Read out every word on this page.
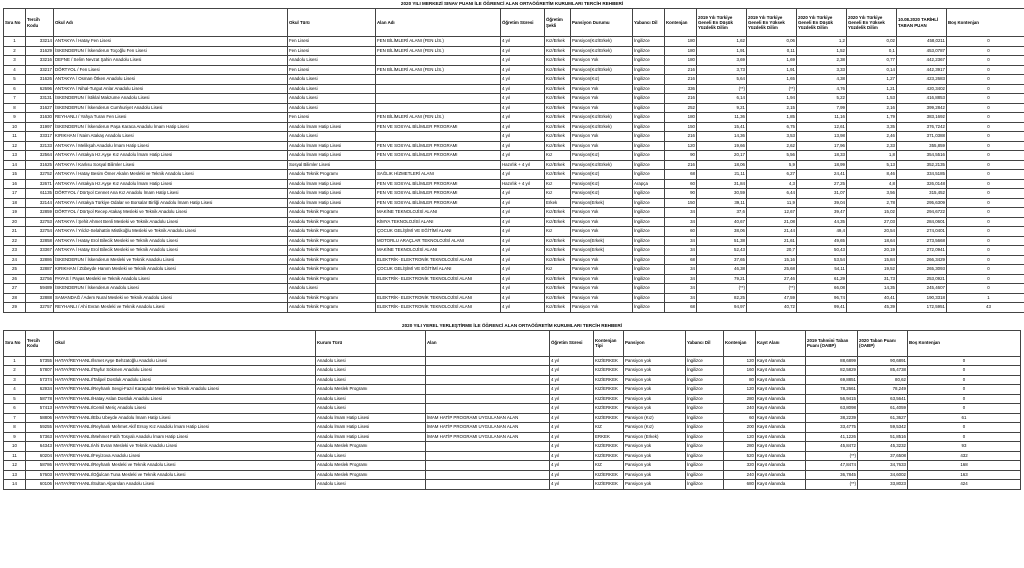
2020 YILI MERKEZİ SINAV PUANI İLE ÖĞRENCİ ALAN ORTAÖĞRETİM KURUMLARI TERCİH REHBERİ
Sıra No	Tercih Kodu	Okul Adı	Okul Türü	Alan Adı	Öğretim Süresi	Öğretim Şekli	Pansiyon Durumu	Yabancı Dil	Kontenjan	2019 Yılı Türkiye Geneli En Düşük Yüzdelik Dilim	2019 Yılı Türkiye Geneli En Yüksek Yüzdelik Dilim	2020 Yılı Türkiye Geneli En Düşük Yüzdelik Dilim	2020 Yılı Türkiye Geneli En Yüksek Yüzdelik Dilim	10.08.2020 TARİHLİ TABAN PUAN	Boş Kontenjan
1	33214	ANTAKYA / Hatay Fen Lisesi	Fen Lisesi	FEN BİLİMLERİ ALANI (FEN LİS.)	4 yıl	Kız/Erkek	Pansiyon(Kız/Erkek)	İngilizce	180	1,62	0,06	1,2	0,02	458,0211	0
2	31629	İSKENDERUN / İskenderun Toçoğlu Fen Lisesi	Fen Lisesi	FEN BİLİMLERİ ALANI (FEN LİS.)	4 yıl	Kız/Erkek	Pansiyon(Kız/Erkek)	İngilizce	180	1,91	0,11	1,52	0,1	453,0787	0
3	33216	DEFNE / Selim Nevzat Şahin Anadolu Lisesi	Anadolu Lisesi		4 yıl	Kız/Erkek	Pansiyon Yok	İngilizce	180	3,69	1,69	2,38	0,77	442,2367	0
4	33217	DÖRTYOL / Fen Lisesi	Fen Lisesi	FEN BİLİMLERİ ALANI (FEN LİS.)	4 yıl	Kız/Erkek	Pansiyon(Kız/Erkek)	İngilizce	216	3,73	1,91	3,33	0,14	442,3917	0
5	31626	ANTAKYA / Osman Ötken Anadolu Lisesi	Anadolu Lisesi		4 yıl	Kız/Erkek	Pansiyon(Kız)	İngilizce	216	5,64	1,65	4,38	1,27	423,2683	0
6	62696	ANTAKYA / Nihal-Turgut Anlar Anadolu Lisesi	Anadolu Lisesi		4 yıl	Kız/Erkek	Pansiyon Yok	İngilizce	336	(**)	(**)	4,76	1,21	420,3402	0
7	33131	İSKENDERUN / İstiklal Makzume Anadolu Lisesi	Anadolu Lisesi		4 yıl	Kız/Erkek	Pansiyon Yok	İngilizce	216	6,14	1,94	5,22	1,53	416,8853	0
8	31627	İSKENDERUN / İskenderun Cumhuriyet Anadolu Lisesi	Anadolu Lisesi		4 yıl	Kız/Erkek	Pansiyon Yok	İngilizce	252	9,21	2,15	7,99	2,16	399,2842	0
9	31630	REYHANLI / Yahya Turan Fen Lisesi	Fen Lisesi	FEN BİLİMLERİ ALANI (FEN LİS.)	4 yıl	Kız/Erkek	Pansiyon(Kız/Erkek)	İngilizce	180	11,36	1,85	11,16	1,79	383,1692	0
10	31997	İSKENDERUN / İskenderun Paşa Karaca Anadolu İmam Hatip Lisesi	Anadolu İmam Hatip Lisesi	FEN VE SOSYAL BİLİMLER PROGRAMI	4 yıl	Kız/Erkek	Pansiyon(Kız/Erkek)	İngilizce	150	15,41	6,75	12,61	3,35	376,7242	0
11	33317	KIRIKHAN / Naim Atakaş Anadolu Lisesi	Anadolu Lisesi		4 yıl	Kız/Erkek	Pansiyon Yok	İngilizce	216	14,36	3,53	13,98	2,46	371,0388	0
12	32133	ANTAKYA / Melikşah Anadolu İmam Hatip Lisesi	Anadolu İmam Hatip Lisesi	FEN VE SOSYAL BİLİMLER PROGRAMI	4 yıl	Kız/Erkek	Pansiyon Yok	İngilizce	120	19,66	2,62	17,96	2,33	355,859	0
13	32564	ANTAKYA / Antakya Hz.Ayşe Kız Anadolu İmam Hatip Lisesi	Anadolu İmam Hatip Lisesi	FEN VE SOSYAL BİLİMLER PROGRAMI	4 yıl	Kız	Pansiyon(Kız)	İngilizce	90	20,17	5,56	18,33	1,8	354,5516	0
14	31625	ANTAKYA / Karlısu Sosyal Bilimler Lisesi	Sosyal Bilimler Lisesi		Hazırlık + 4 yıl	Kız/Erkek	Pansiyon(Kız/Erkek)	İngilizce	216	18,06	5,9	18,99	5,13	352,2135	0
15	32752	ANTAKYA / Hatay Besim Ömer Akalın Mesleki ve Teknik Anadolu Lisesi	Anadolu Teknik Programı	SAĞLIK HİZMETLERİ ALANI	4 yıl	Kız/Erkek	Pansiyon(Kız)	İngilizce	68	21,11	6,27	24,41	8,46	334,5185	0
16	32671	ANTAKYA / Antakya Hz.Ayşe Kız Anadolu İmam Hatip Lisesi	Anadolu İmam Hatip Lisesi	FEN VE SOSYAL BİLİMLER PROGRAMI	Hazırlık + 4 yıl	Kız	Pansiyon(Kız)	Arapça	60	31,84	4,3	27,25	4,8	326,0148	0
17	61135	DÖRTYOL / Dörtyol Cennet Ana Kız Anadolu İmam Hatip Lisesi	Anadolu İmam Hatip Lisesi	FEN VE SOSYAL BİLİMLER PROGRAMI	4 yıl	Kız	Pansiyon(Kız)	İngilizce	90	30,59	6,44	31,07	3,56	315,452	0
18	32144	ANTAKYA / Antakya Türkiye Odalar ve Borsalar Birliği Anadolu İmam Hatip Lisesi	Anadolu İmam Hatip Lisesi	FEN VE SOSYAL BİLİMLER PROGRAMI	4 yıl	Erkek	Pansiyon(Erkek)	İngilizce	150	39,11	11,9	39,04	2,78	295,6309	0
19	32859	DÖRTYOL / Dörtyol Recep Atakaş Mesleki ve Teknik Anadolu Lisesi	Anadolu Teknik Programı	MAKİNE TEKNOLOJİSİ ALANI	4 yıl	Kız/Erkek	Pansiyon Yok	İngilizce	34	37,6	12,67	39,47	15,02	294,6722	0
20	32753	ANTAKYA / Şehit Ahmet Benli Mesleki ve Teknik Anadolu Lisesi	Anadolu Teknik Programı	KİMYA TEKNOLOJİSİ ALANI	4 yıl	Kız/Erkek	Pansiyon Yok	İngilizce	34	40,67	21,08	44,35	27,03	284,0601	0
21	32754	ANTAKYA / Yıldız-Selahattin Mistikoğlu Mesleki ve Teknik Anadolu Lisesi	Anadolu Teknik Programı	ÇOCUK GELİŞİMİ VE EĞİTİMİ ALANI	4 yıl	Kız	Pansiyon Yok	İngilizce	60	38,06	21,44	49,4	20,54	274,0401	0
22	32858	ANTAKYA / Hatay Erol Bilecik Mesleki ve Teknik Anadolu Lisesi	Anadolu Teknik Programı	MOTORLU ARAÇLAR TEKNOLOJİSİ ALANI	4 yıl	Kız/Erkek	Pansiyon(Erkek)	İngilizce	34	51,38	21,61	49,65	18,64	273,5668	0
23	33367	ANTAKYA / Hatay Erol Bilecik Mesleki ve Teknik Anadolu Lisesi	Anadolu Teknik Programı	MAKİNE TEKNOLOJİSİ ALANI	4 yıl	Kız/Erkek	Pansiyon(Erkek)	İngilizce	34	52,43	20,7	50,43	20,19	272,0941	0
24	32886	İSKENDERUN / İskenderun Mesleki ve Teknik Anadolu Lisesi	Anadolu Teknik Programı	ELEKTRİK- ELEKTRONİK TEKNOLOJİSİ ALANI	4 yıl	Kız/Erkek	Pansiyon Yok	İngilizce	68	37,65	15,16	53,54	15,84	266,3429	0
25	32887	KIRIKHAN / Zübeyde Hanım Mesleki ve Teknik Anadolu Lisesi	Anadolu Teknik Programı	ÇOCUK GELİŞİMİ VE EĞİTİMİ ALANI	4 yıl	Kız	Pansiyon Yok	İngilizce	34	46,38	25,68	54,11	19,52	265,3093	0
26	32756	PAYAS / Payas Mesleki ve Teknik Anadolu Lisesi	Anadolu Teknik Programı	ELEKTRİK- ELEKTRONİK TEKNOLOJİSİ ALANI	4 yıl	Kız/Erkek	Pansiyon Yok	İngilizce	34	79,21	27,46	61,29	31,73	253,0921	0
27	59489	İSKENDERUN / İskenderun Anadolu Lisesi	Anadolu Lisesi		4 yıl	Kız/Erkek	Pansiyon Yok	İngilizce	34	(**)	(**)	66,08	14,35	245,4607	0
28	32888	SAMANDAĞ / Adem Nural Mesleki ve Teknik Anadolu Lisesi	Anadolu Teknik Programı	ELEKTRİK- ELEKTRONİK TEKNOLOJİSİ ALANI	4 yıl	Kız/Erkek	Pansiyon Yok	İngilizce	34	82,25	47,59	96,74	40,41	190,3318	1
29	32757	REYHANLI / Ahi Evran Mesleki ve Teknik Anadolu Lisesi	Anadolu Teknik Programı	ELEKTRİK- ELEKTRONİK TEKNOLOJİSİ ALANI	4 yıl	Kız/Erkek	Pansiyon Yok	İngilizce	68	94,97	40,72	99,41	45,39	172,5951	43
2020 YILI YEREL YERLEŞTİRME İLE ÖĞRENCİ ALAN ORTAÖĞRETİM KURUMLARI TERCİH REHBERİ
Sıra No	Tercih Kodu	Okul	Kurum Türü	Alan	Öğretim Süresi	Kontenjan Tipi	Pansiyon	Yabancı Dil	Kontenjan	Kayıt Alanı	2019 Tahmini Taban Puanı (OABP)	2020 Taban Puanı (OABP)	Boş Kontenjan
1	57355	HATAY/REYHANLI/İsmet Ayşe Behzatoğlu Anadolu Lisesi	Anadolu Lisesi		4 yıl	KIZ/ERKEK	Pansiyon yok	İngilizce	120	Kayıt Alanında	88,6899	90,6891	0
2	57807	HATAY/REYHANLI/Tayfur Sökmen Anadolu Lisesi	Anadolu Lisesi		4 yıl	KIZ/ERKEK	Pansiyon yok	İngilizce	160	Kayıt Alanında	82,5829	85,4738	0
3	57374	HATAY/REYHANLI/Talipel Dostluk Anadolu Lisesi	Anadolu Lisesi		4 yıl	KIZ/ERKEK	Pansiyon yok	İngilizce	80	Kayıt Alanında	69,8851	80,62	0
4	62934	HATAY/REYHANLI/Reyhanlı Sevgi-Fazıl Karaçadır Mesleki ve Teknik Anadolu Lisesi	Anadolu Meslek Programı		4 yıl	KIZ/ERKEK	Pansiyon yok	İngilizce	120	Kayıt Alanında	78,2661	78,249	0
5	58778	HATAY/REYHANLI/Hatay Aslan Dostluk Anadolu Lisesi	Anadolu Lisesi		4 yıl	KIZ/ERKEK	Pansiyon yok	İngilizce	280	Kayıt Alanında	56,9415	63,5641	0
6	57413	HATAY/REYHANLI/Cemil Meriç Anadolu Lisesi	Anadolu Lisesi		4 yıl	KIZ/ERKEK	Pansiyon yok	İngilizce	240	Kayıt Alanında	63,8098	61,4059	0
7	58806	HATAY/REYHANLI/Ebu Ubeyde Anadolu İmam Hatip Lisesi	Anadolu İmam Hatip Lisesi	İMAM HATİP PROGRAMI UYGULANAN ALAN	4 yıl	KIZ/ERKEK	Pansiyon (Kız)	İngilizce	60	Kayıt Alanında	38,2239	61,3627	61
8	59255	HATAY/REYHANLI/Reyhanlı Mehmet Akif Ersoy Kız Anadolu İmam Hatip Lisesi	Anadolu İmam Hatip Lisesi	İMAM HATİP PROGRAMI UYGULANAN ALAN	4 yıl	KIZ	Pansiyon (Kız)	İngilizce	200	Kayıt Alanında	33,4775	59,5342	0
9	57363	HATAY/REYHANLI/Mehmet Fatih Tosyalı Anadolu İmam Hatip Lisesi	Anadolu İmam Hatip Lisesi	İMAM HATİP PROGRAMI UYGULANAN ALAN	4 yıl	ERKEK	Pansiyon (Erkek)	İngilizce	120	Kayıt Alanında	41,1226	51,8516	0
10	64343	HATAY/REYHANLI/Ahi Evran Mesleki ve Teknik Anadolu Lisesi	Anadolu Meslek Programı		4 yıl	KIZ/ERKEK	Pansiyon yok	İngilizce	280	Kayıt Alanında	45,8472	45,3232	93
11	60204	HATAY/REYHANLI/Feyizova Anadolu Lisesi	Anadolu Lisesi		4 yıl	KIZ/ERKEK	Pansiyon yok	İngilizce	520	Kayıt Alanında	(**)	37,6508	432
12	58786	HATAY/REYHANLI/Reyhanlı Mesleki ve Teknik Anadolu Lisesi	Anadolu Meslek Programı		4 yıl	KIZ	Pansiyon yok	İngilizce	320	Kayıt Alanında	47,8474	34,7633	168
13	57603	HATAY/REYHANLI/Oğulcan Tuna Mesleki ve Teknik Anadolu Lisesi	Anadolu Meslek Programı		4 yıl	KIZ/ERKEK	Pansiyon yok	İngilizce	240	Kayıt Alanında	36,7845	34,6002	163
14	60106	HATAY/REYHANLI/Sultan Alparslan Anadolu Lisesi	Anadolu Lisesi		4 yıl	KIZ/ERKEK	Pansiyon yok	İngilizce	680	Kayıt Alanında	(**)	33,8023	424
